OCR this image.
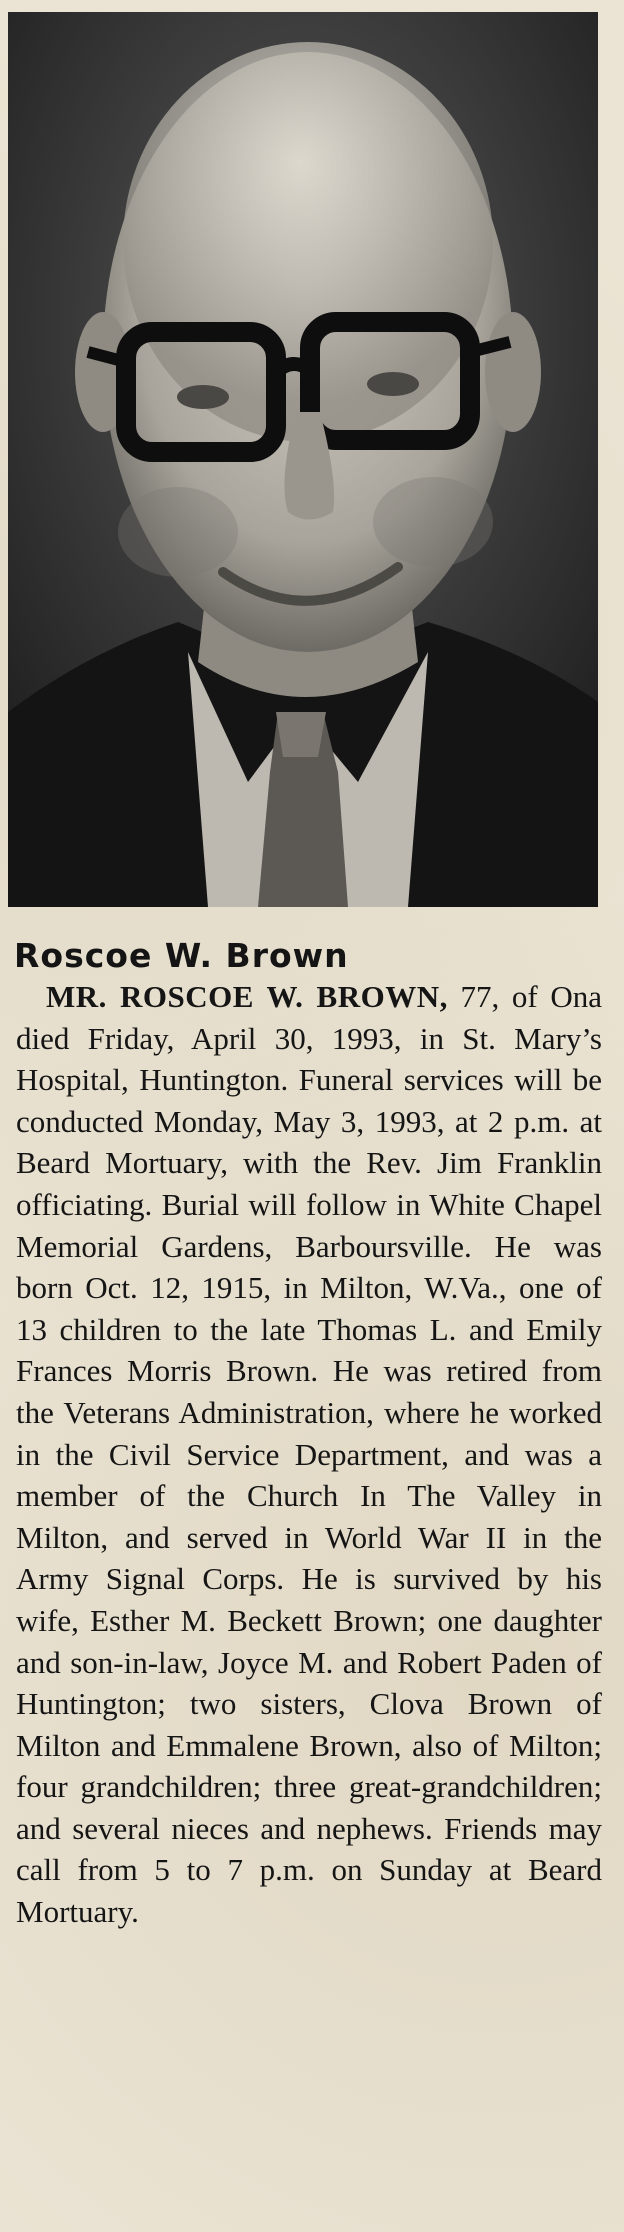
Roscoe W. Brown

MR. ROSCOE W. BROWN, 77, of Ona died Friday, April 30, 1993, in St. Mary’s Hospital, Huntington. Funeral services will be conducted Monday, May 3, 1993, at 2 p.m. at Beard Mortuary, with the Rev. Jim Franklin officiating. Burial will follow in White Chapel Memorial Gardens, Barboursville. He was born Oct. 12, 1915, in Milton, W.Va., one of 13 children to the late Thomas L. and Emily Frances Morris Brown. He was retired from the Veterans Administration, where he worked in the Civil Service Department, and was a member of the Church In The Valley in Milton, and served in World War II in the Army Signal Corps. He is survived by his wife, Esther M. Beckett Brown; one daughter and son-in-law, Joyce M. and Robert Paden of Huntington; two sisters, Clova Brown of Milton and Emmalene Brown, also of Milton; four grandchildren; three great-grandchildren; and several nieces and nephews. Friends may call from 5 to 7 p.m. on Sunday at Beard Mortuary.
